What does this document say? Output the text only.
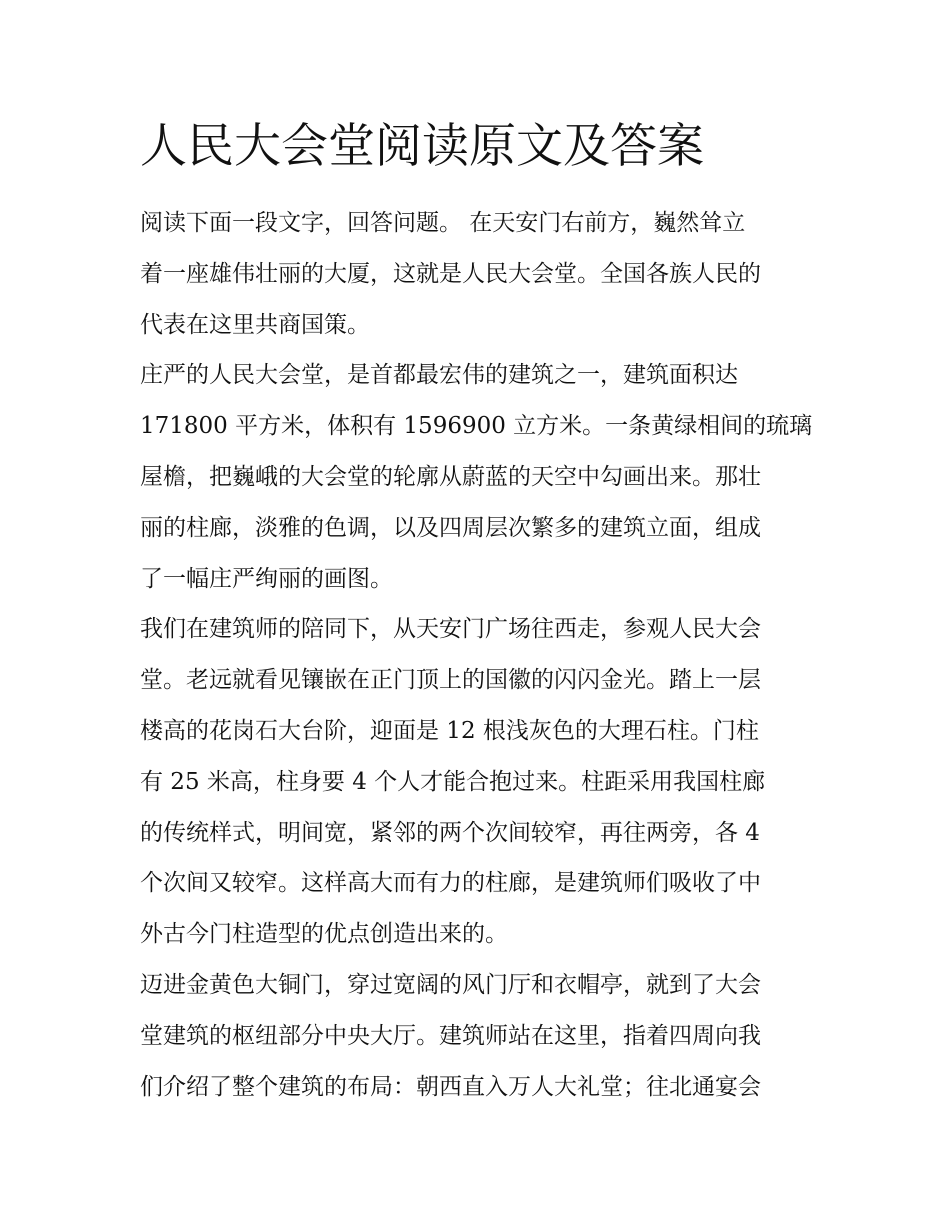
人民大会堂阅读原文及答案
阅读下面一段文字，回答问题。 在天安门右前方，巍然耸立
着一座雄伟壮丽的大厦，这就是人民大会堂。全国各族人民的
代表在这里共商国策。
庄严的人民大会堂，是首都最宏伟的建筑之一，建筑面积达
171800 平方米，体积有 1596900 立方米。一条黄绿相间的琉璃
屋檐，把巍峨的大会堂的轮廓从蔚蓝的天空中勾画出来。那壮
丽的柱廊，淡雅的色调，以及四周层次繁多的建筑立面，组成
了一幅庄严绚丽的画图。
我们在建筑师的陪同下，从天安门广场往西走，参观人民大会
堂。老远就看见镶嵌在正门顶上的国徽的闪闪金光。踏上一层
楼高的花岗石大台阶，迎面是 12 根浅灰色的大理石柱。门柱
有 25 米高，柱身要 4 个人才能合抱过来。柱距采用我国柱廊
的传统样式，明间宽，紧邻的两个次间较窄，再往两旁，各 4
个次间又较窄。这样高大而有力的柱廊，是建筑师们吸收了中
外古今门柱造型的优点创造出来的。
迈进金黄色大铜门，穿过宽阔的风门厅和衣帽亭，就到了大会
堂建筑的枢纽部分中央大厅。建筑师站在这里，指着四周向我
们介绍了整个建筑的布局：朝西直入万人大礼堂；往北通宴会
